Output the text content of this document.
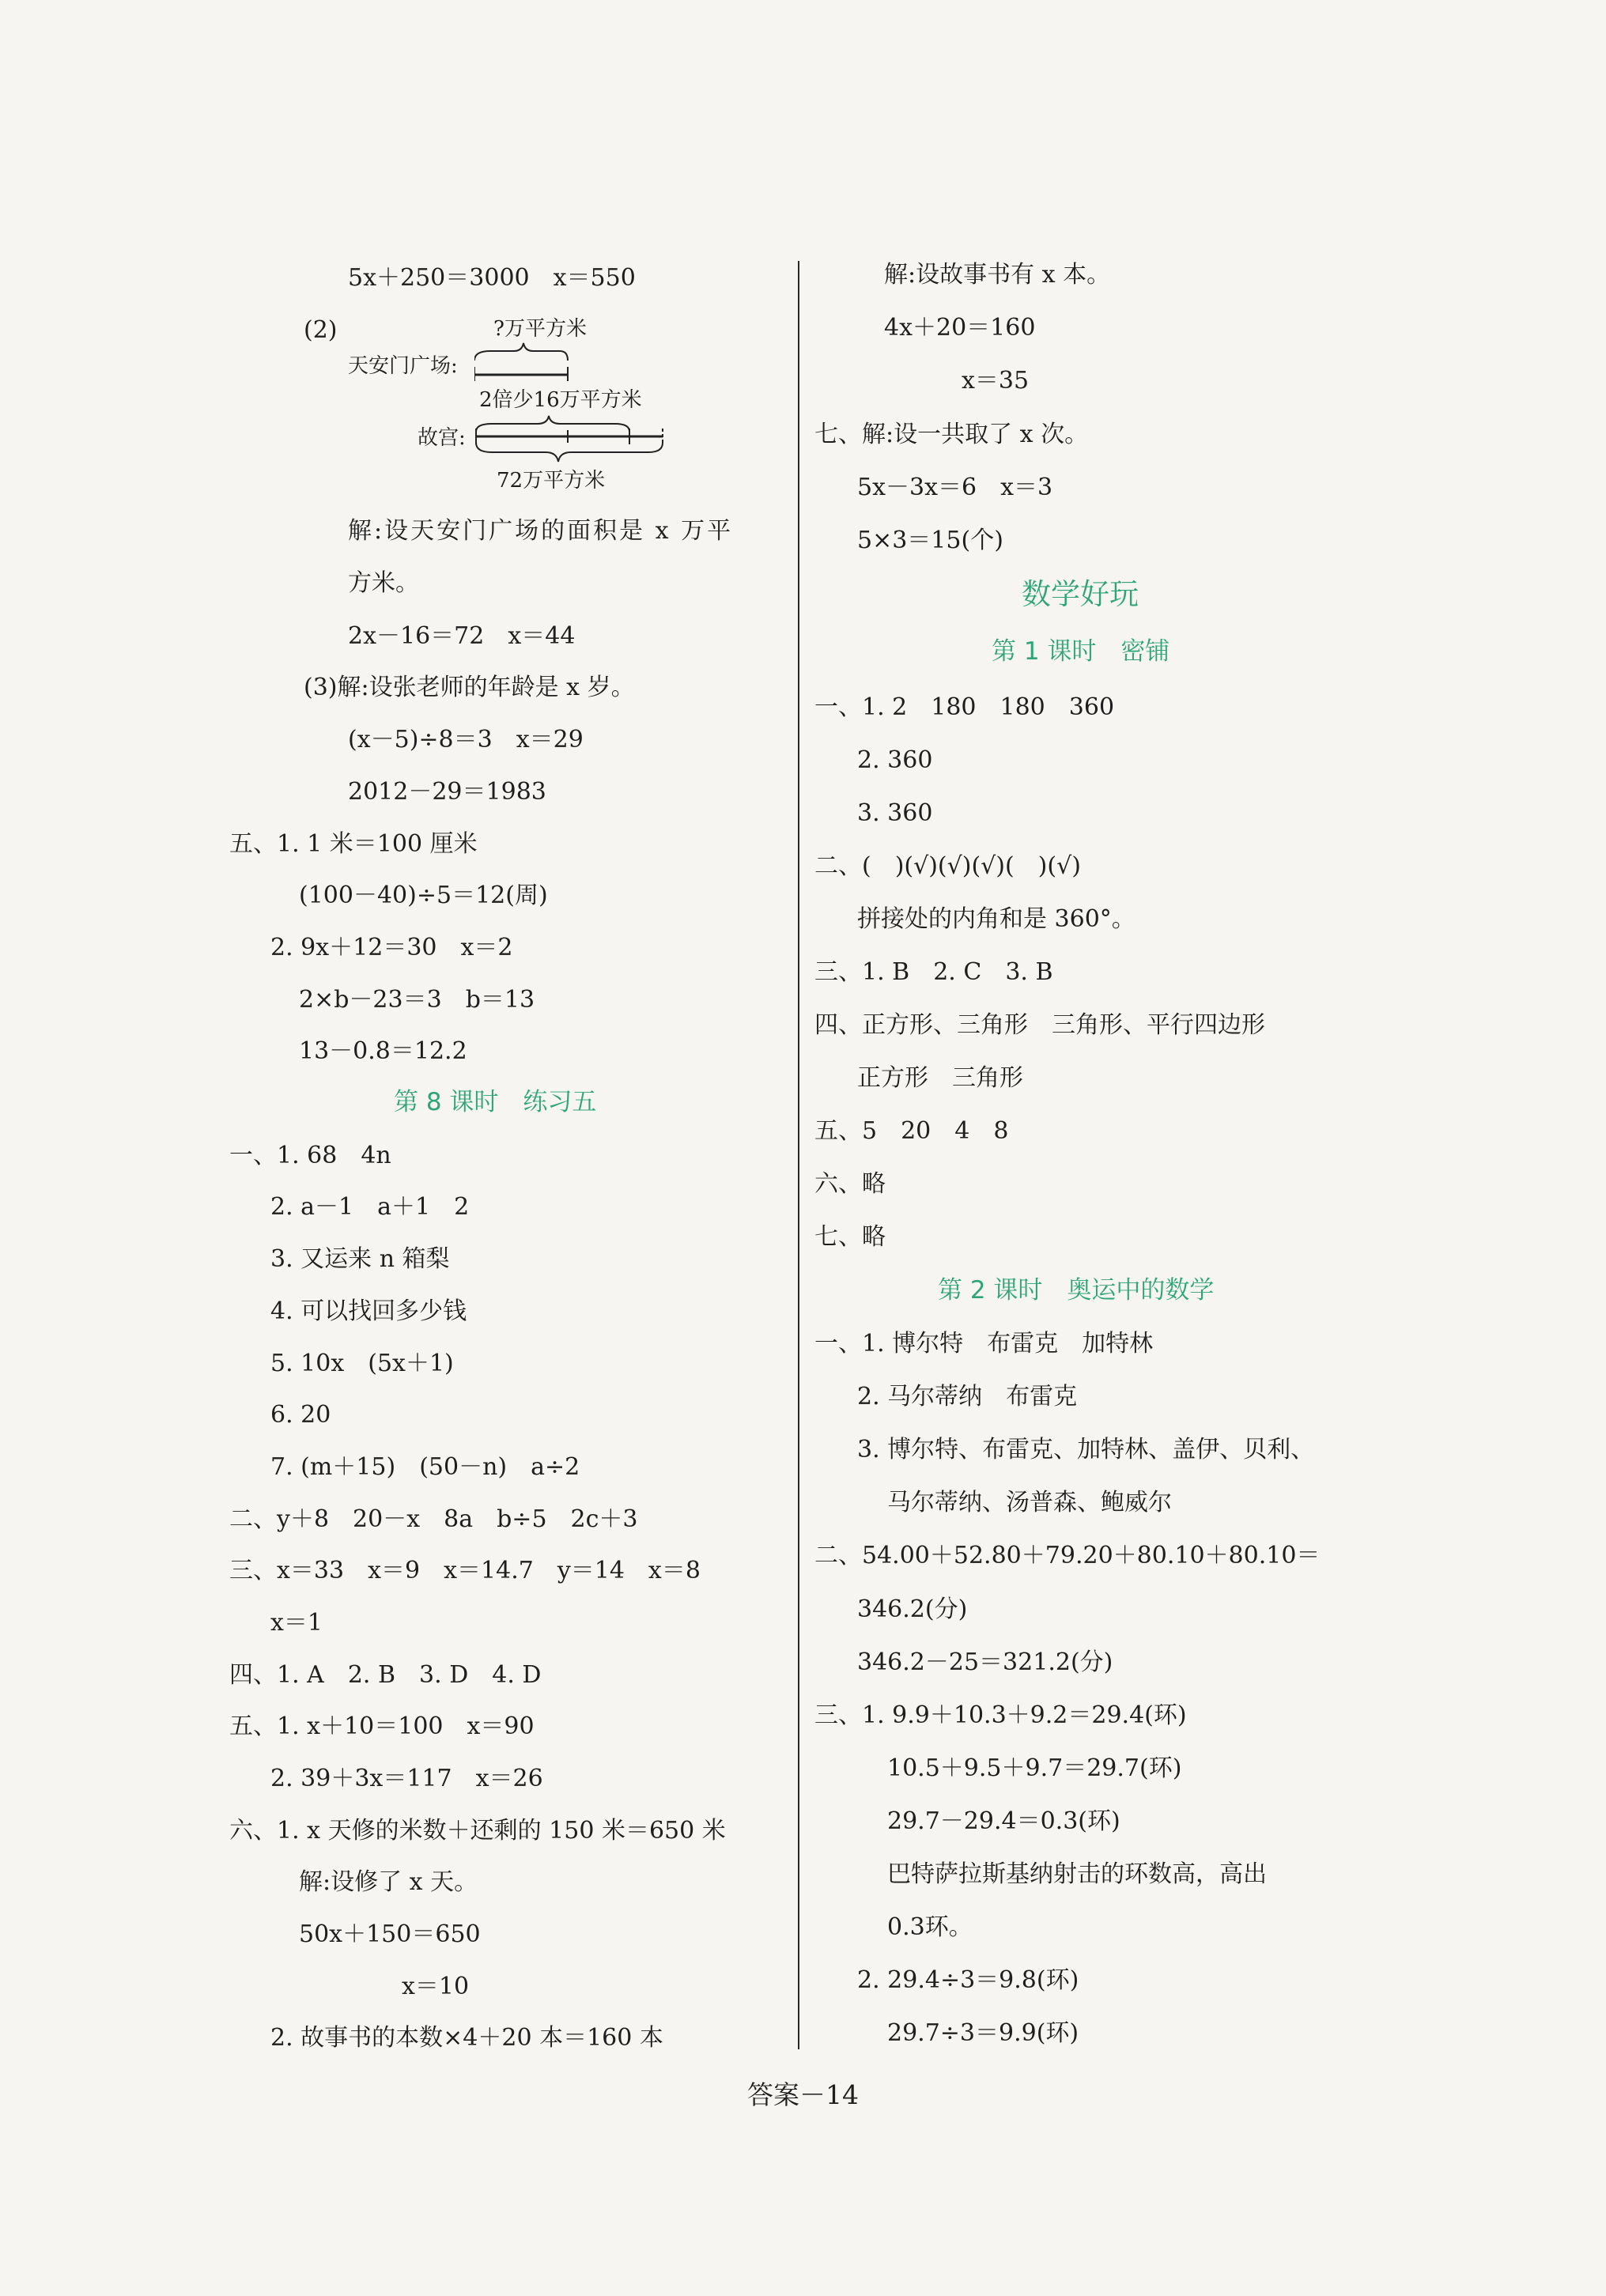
5x＋250＝3000　x＝550
(2)	?万平方米
天安门广场:
2倍少16万平方米
故宫:
72万平方米
解:设天安门广场的面积是 x 万平
方米。
2x－16＝72　x＝44
(3)解:设张老师的年龄是 x 岁。
(x－5)÷8＝3　x＝29
2012－29＝1983
五、1. 1 米＝100 厘米
(100－40)÷5＝12(周)
2. 9x＋12＝30　x＝2
2×b－23＝3　b＝13
13－0.8＝12.2
第 8 课时　练习五
一、1. 68　4n
2. a－1　a＋1　2
3. 又运来 n 箱梨
4. 可以找回多少钱
5. 10x　(5x＋1)
6. 20
7. (m＋15)　(50－n)　a÷2
二、y＋8　20－x　8a　b÷5　2c＋3
三、x＝33　x＝9　x＝14.7　y＝14　x＝8
x＝1
四、1. A　2. B　3. D　4. D
五、1. x＋10＝100　x＝90
2. 39＋3x＝117　x＝26
六、1. x 天修的米数＋还剩的 150 米＝650 米
解:设修了 x 天。
50x＋150＝650
x＝10
2. 故事书的本数×4＋20 本＝160 本
解:设故事书有 x 本。
4x＋20＝160
x＝35
七、解:设一共取了 x 次。
5x－3x＝6　x＝3
5×3＝15(个)
数学好玩
第 1 课时　密铺
一、1. 2　180　180　360
2. 360
3. 360
二、(　)(√)(√)(√)(　)(√)
拼接处的内角和是 360°。
三、1. B　2. C　3. B
四、正方形、三角形　三角形、平行四边形
正方形　三角形
五、5　20　4　8
六、略
七、略
第 2 课时　奥运中的数学
一、1. 博尔特　布雷克　加特林
2. 马尔蒂纳　布雷克
3. 博尔特、布雷克、加特林、盖伊、贝利、
马尔蒂纳、汤普森、鲍威尔
二、54.00＋52.80＋79.20＋80.10＋80.10＝
346.2(分)
346.2－25＝321.2(分)
三、1. 9.9＋10.3＋9.2＝29.4(环)
10.5＋9.5＋9.7＝29.7(环)
29.7－29.4＝0.3(环)
巴特萨拉斯基纳射击的环数高，高出
0.3环。
2. 29.4÷3＝9.8(环)
29.7÷3＝9.9(环)
答案－14
